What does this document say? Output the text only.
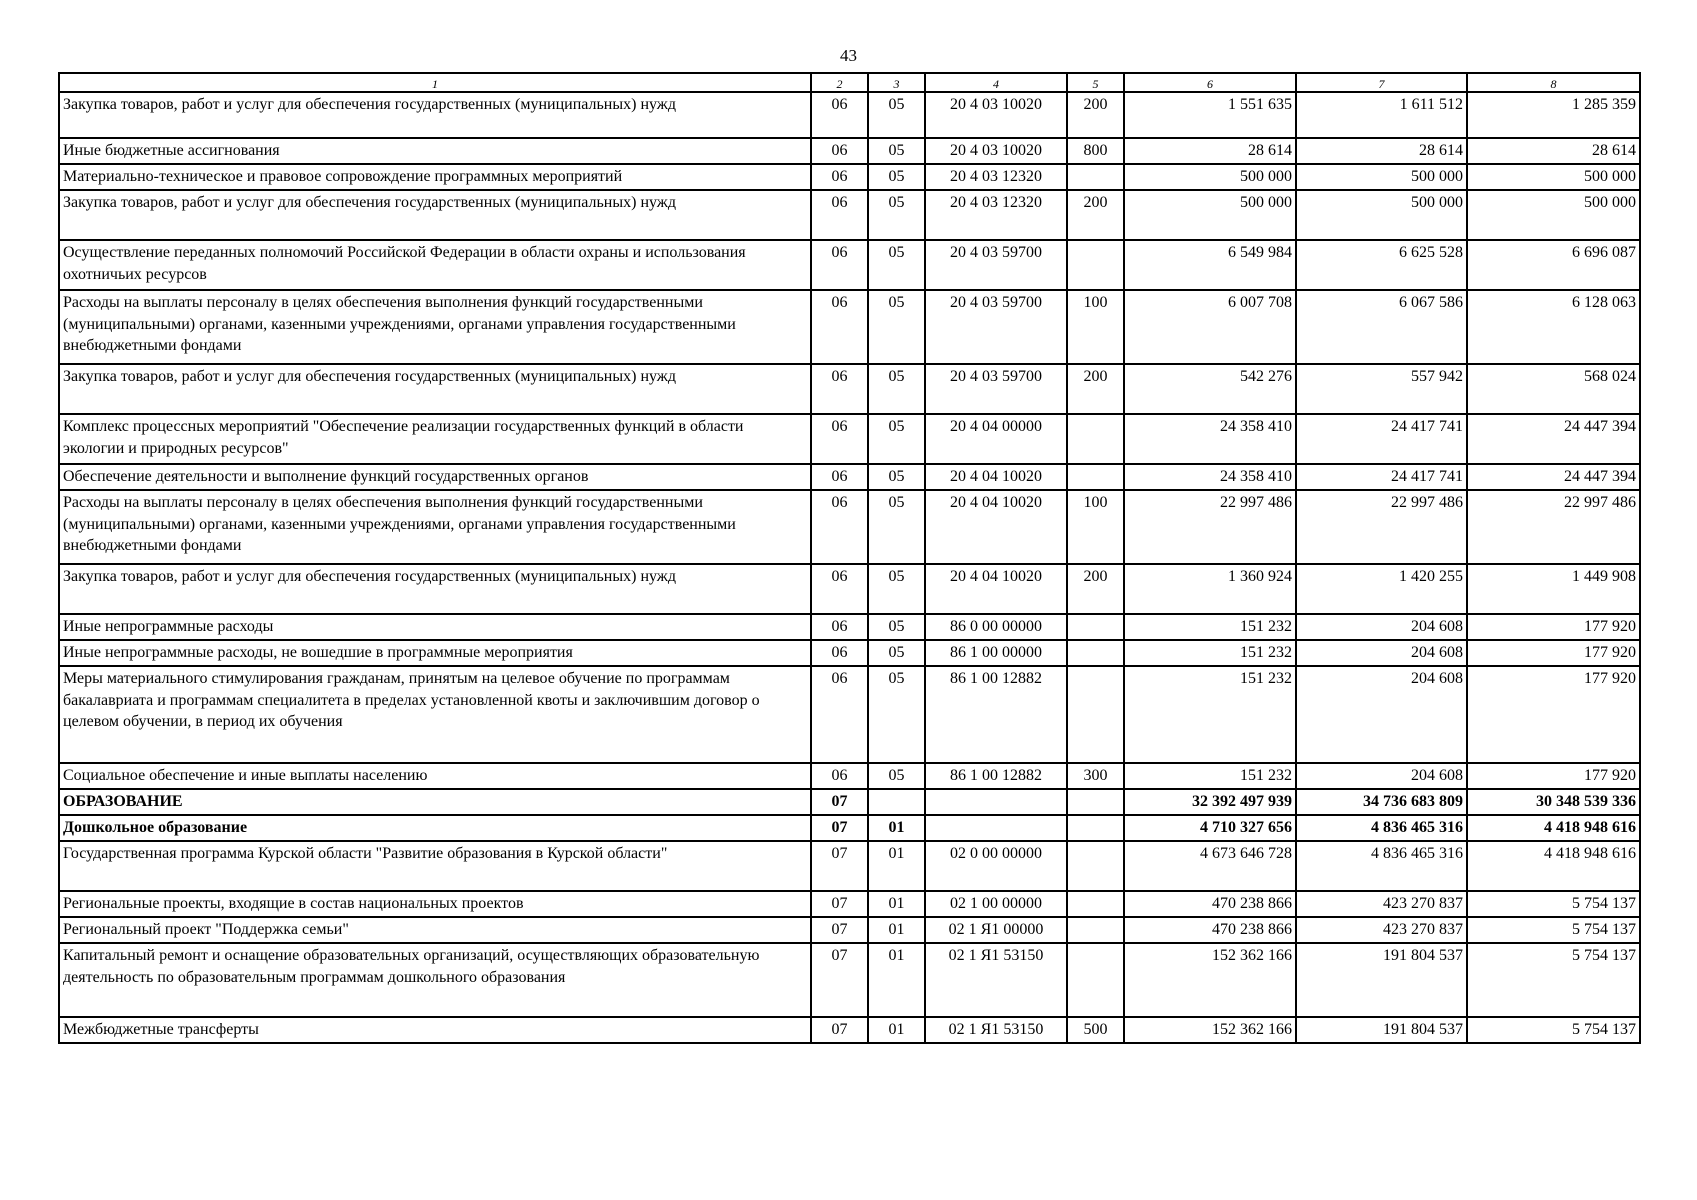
43
1	2	3	4	5	6	7	8
Закупка товаров, работ и услуг для обеспечения государственных (муниципальных) нужд	06	05	20 4 03 10020	200	1 551 635	1 611 512	1 285 359
Иные бюджетные ассигнования	06	05	20 4 03 10020	800	28 614	28 614	28 614
Материально-техническое и правовое сопровождение программных мероприятий	06	05	20 4 03 12320		500 000	500 000	500 000
Закупка товаров, работ и услуг для обеспечения государственных (муниципальных) нужд	06	05	20 4 03 12320	200	500 000	500 000	500 000
Осуществление переданных полномочий Российской Федерации в области охраны и использования охотничьих ресурсов	06	05	20 4 03 59700		6 549 984	6 625 528	6 696 087
Расходы на выплаты персоналу в целях обеспечения выполнения функций государственными (муниципальными) органами, казенными учреждениями, органами управления государственными внебюджетными фондами	06	05	20 4 03 59700	100	6 007 708	6 067 586	6 128 063
Закупка товаров, работ и услуг для обеспечения государственных (муниципальных) нужд	06	05	20 4 03 59700	200	542 276	557 942	568 024
Комплекс процессных мероприятий "Обеспечение реализации государственных функций в области экологии и природных ресурсов"	06	05	20 4 04 00000		24 358 410	24 417 741	24 447 394
Обеспечение деятельности и выполнение функций государственных органов	06	05	20 4 04 10020		24 358 410	24 417 741	24 447 394
Расходы на выплаты персоналу в целях обеспечения выполнения функций государственными (муниципальными) органами, казенными учреждениями, органами управления государственными внебюджетными фондами	06	05	20 4 04 10020	100	22 997 486	22 997 486	22 997 486
Закупка товаров, работ и услуг для обеспечения государственных (муниципальных) нужд	06	05	20 4 04 10020	200	1 360 924	1 420 255	1 449 908
Иные непрограммные расходы	06	05	86 0 00 00000		151 232	204 608	177 920
Иные непрограммные расходы, не вошедшие в программные мероприятия	06	05	86 1 00 00000		151 232	204 608	177 920
Меры материального стимулирования гражданам, принятым на целевое обучение по программам бакалавриата и программам специалитета в пределах установленной квоты и заключившим договор о целевом обучении, в период их обучения	06	05	86 1 00 12882		151 232	204 608	177 920
Социальное обеспечение и иные выплаты населению	06	05	86 1 00 12882	300	151 232	204 608	177 920
ОБРАЗОВАНИЕ	07				32 392 497 939	34 736 683 809	30 348 539 336
Дошкольное образование	07	01			4 710 327 656	4 836 465 316	4 418 948 616
Государственная программа Курской области "Развитие образования в Курской области"	07	01	02 0 00 00000		4 673 646 728	4 836 465 316	4 418 948 616
Региональные проекты, входящие в состав национальных проектов	07	01	02 1 00 00000		470 238 866	423 270 837	5 754 137
Региональный проект "Поддержка семьи"	07	01	02 1 Я1 00000		470 238 866	423 270 837	5 754 137
Капитальный ремонт и оснащение образовательных организаций, осуществляющих образовательную деятельность по образовательным программам дошкольного образования	07	01	02 1 Я1 53150		152 362 166	191 804 537	5 754 137
Межбюджетные трансферты	07	01	02 1 Я1 53150	500	152 362 166	191 804 537	5 754 137
